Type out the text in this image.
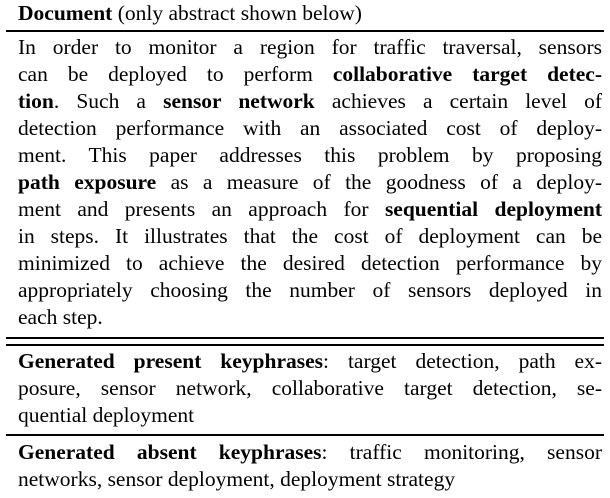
Document (only abstract shown below)
In order to monitor a region for traffic traversal, sensors
can be deployed to perform collaborative target detec-
tion. Such a sensor network achieves a certain level of
detection performance with an associated cost of deploy-
ment. This paper addresses this problem by proposing
path exposure as a measure of the goodness of a deploy-
ment and presents an approach for sequential deployment
in steps. It illustrates that the cost of deployment can be
minimized to achieve the desired detection performance by
appropriately choosing the number of sensors deployed in
each step.
Generated present keyphrases: target detection, path ex-
posure, sensor network, collaborative target detection, se-
quential deployment
Generated absent keyphrases: traffic monitoring, sensor
networks, sensor deployment, deployment strategy
